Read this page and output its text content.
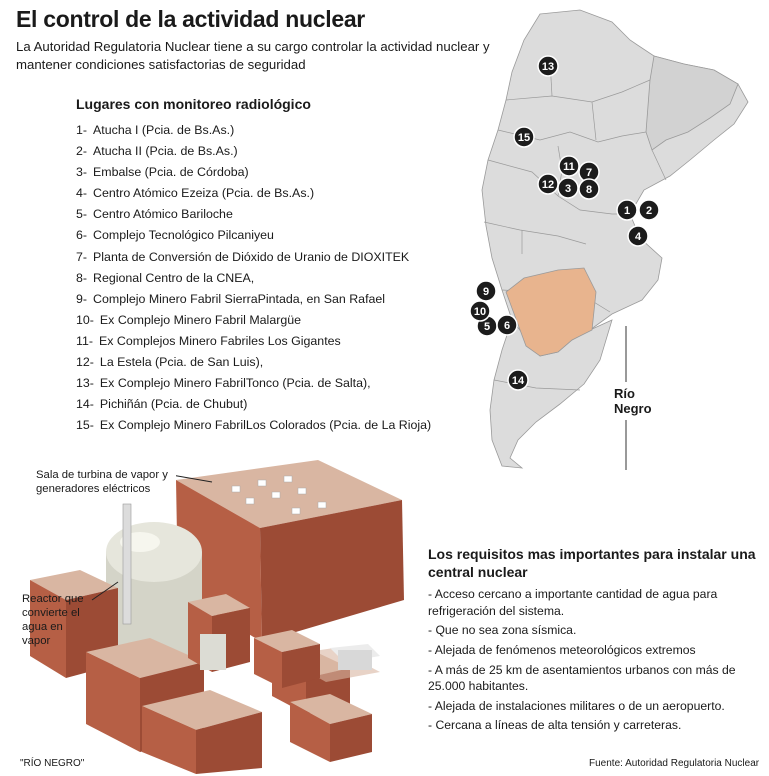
El control de la actividad nuclear
La Autoridad Regulatoria Nuclear tiene a su cargo controlar la actividad nuclear y mantener condiciones satisfactorias de seguridad
Lugares con monitoreo radiológico
1- Atucha I (Pcia. de Bs.As.)
2- Atucha II (Pcia. de Bs.As.)
3- Embalse (Pcia. de Córdoba)
4- Centro Atómico Ezeiza (Pcia. de Bs.As.)
5- Centro Atómico Bariloche
6- Complejo Tecnológico Pilcaniyeu
7- Planta de Conversión de Dióxido de Uranio de DIOXITEK
8- Regional Centro de la CNEA,
9- Complejo Minero Fabril SierraPintada, en San Rafael
10- Ex Complejo Minero Fabril Malargüe
11- Ex Complejos Minero Fabriles Los Gigantes
12- La Estela (Pcia. de San Luis),
13- Ex Complejo Minero FabrilTonco (Pcia. de Salta),
14- Pichiñán (Pcia. de Chubut)
15- Ex Complejo Minero FabrilLos Colorados (Pcia. de La Rioja)
1 2
3
4
5 6
7
8
9
10
11
12
13
14
15
Río
Negro
Sala de turbina de vapor y generadores eléctricos
Reactor que convierte el agua en vapor
Los requisitos mas importantes para instalar una central nuclear
- Acceso cercano a importante cantidad de agua para refrigeración del sistema.
- Que no sea zona sísmica.
- Alejada de fenómenos meteorológicos extremos
- A más de 25 km de asentamientos urbanos con más de 25.000 habitantes.
- Alejada de instalaciones militares o de un aeropuerto.
- Cercana a líneas de alta tensión y carreteras.
"RÍO NEGRO"	Fuente: Autoridad Regulatoria Nuclear
